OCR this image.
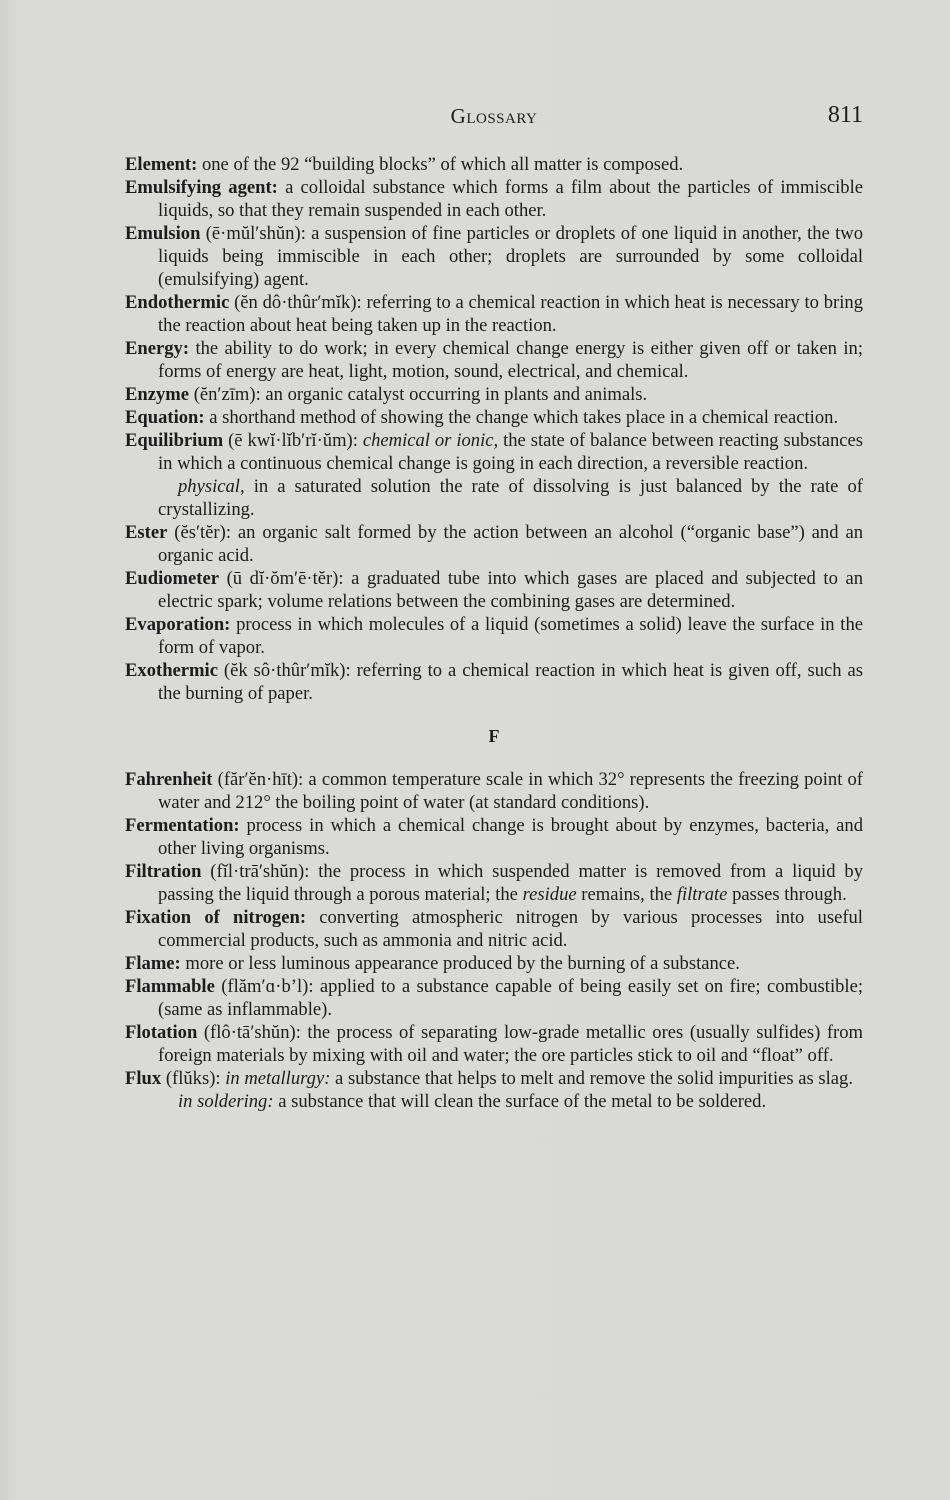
Glossary	811

Element: one of the 92 “building blocks” of which all matter is composed.

Emulsifying agent: a colloidal substance which forms a film about the particles of immiscible liquids, so that they remain suspended in each other.

Emulsion (ē·mŭl′shŭn): a suspension of fine particles or droplets of one liquid in another, the two liquids being immiscible in each other; droplets are surrounded by some colloidal (emulsifying) agent.

Endothermic (ĕn dô·thûr′mĭk): referring to a chemical reaction in which heat is necessary to bring the reaction about heat being taken up in the reaction.

Energy: the ability to do work; in every chemical change energy is either given off or taken in; forms of energy are heat, light, motion, sound, electrical, and chemical.

Enzyme (ĕn′zīm): an organic catalyst occurring in plants and animals.

Equation: a shorthand method of showing the change which takes place in a chemical reaction.

Equilibrium (ē kwĭ·lĭb′rĭ·ŭm): chemical or ionic, the state of balance between reacting substances in which a continuous chemical change is going in each direction, a reversible reaction.

physical, in a saturated solution the rate of dissolving is just balanced by the rate of crystallizing.

Ester (ĕs′tĕr): an organic salt formed by the action between an alcohol (“organic base”) and an organic acid.

Eudiometer (ū dĭ·ŏm′ē·tĕr): a graduated tube into which gases are placed and subjected to an electric spark; volume relations between the combining gases are determined.

Evaporation: process in which molecules of a liquid (sometimes a solid) leave the surface in the form of vapor.

Exothermic (ĕk sô·thûr′mĭk): referring to a chemical reaction in which heat is given off, such as the burning of paper.

F

Fahrenheit (făr′ĕn·hīt): a common temperature scale in which 32° represents the freezing point of water and 212° the boiling point of water (at standard conditions).

Fermentation: process in which a chemical change is brought about by enzymes, bacteria, and other living organisms.

Filtration (fĭl·trā′shŭn): the process in which suspended matter is removed from a liquid by passing the liquid through a porous material; the residue remains, the filtrate passes through.

Fixation of nitrogen: converting atmospheric nitrogen by various processes into useful commercial products, such as ammonia and nitric acid.

Flame: more or less luminous appearance produced by the burning of a substance.

Flammable (flăm′ɑ·b’l): applied to a substance capable of being easily set on fire; combustible; (same as inflammable).

Flotation (flô·tā′shŭn): the process of separating low-grade metallic ores (usually sulfides) from foreign materials by mixing with oil and water; the ore particles stick to oil and “float” off.

Flux (flŭks): in metallurgy: a substance that helps to melt and remove the solid impurities as slag.

in soldering: a substance that will clean the surface of the metal to be soldered.
